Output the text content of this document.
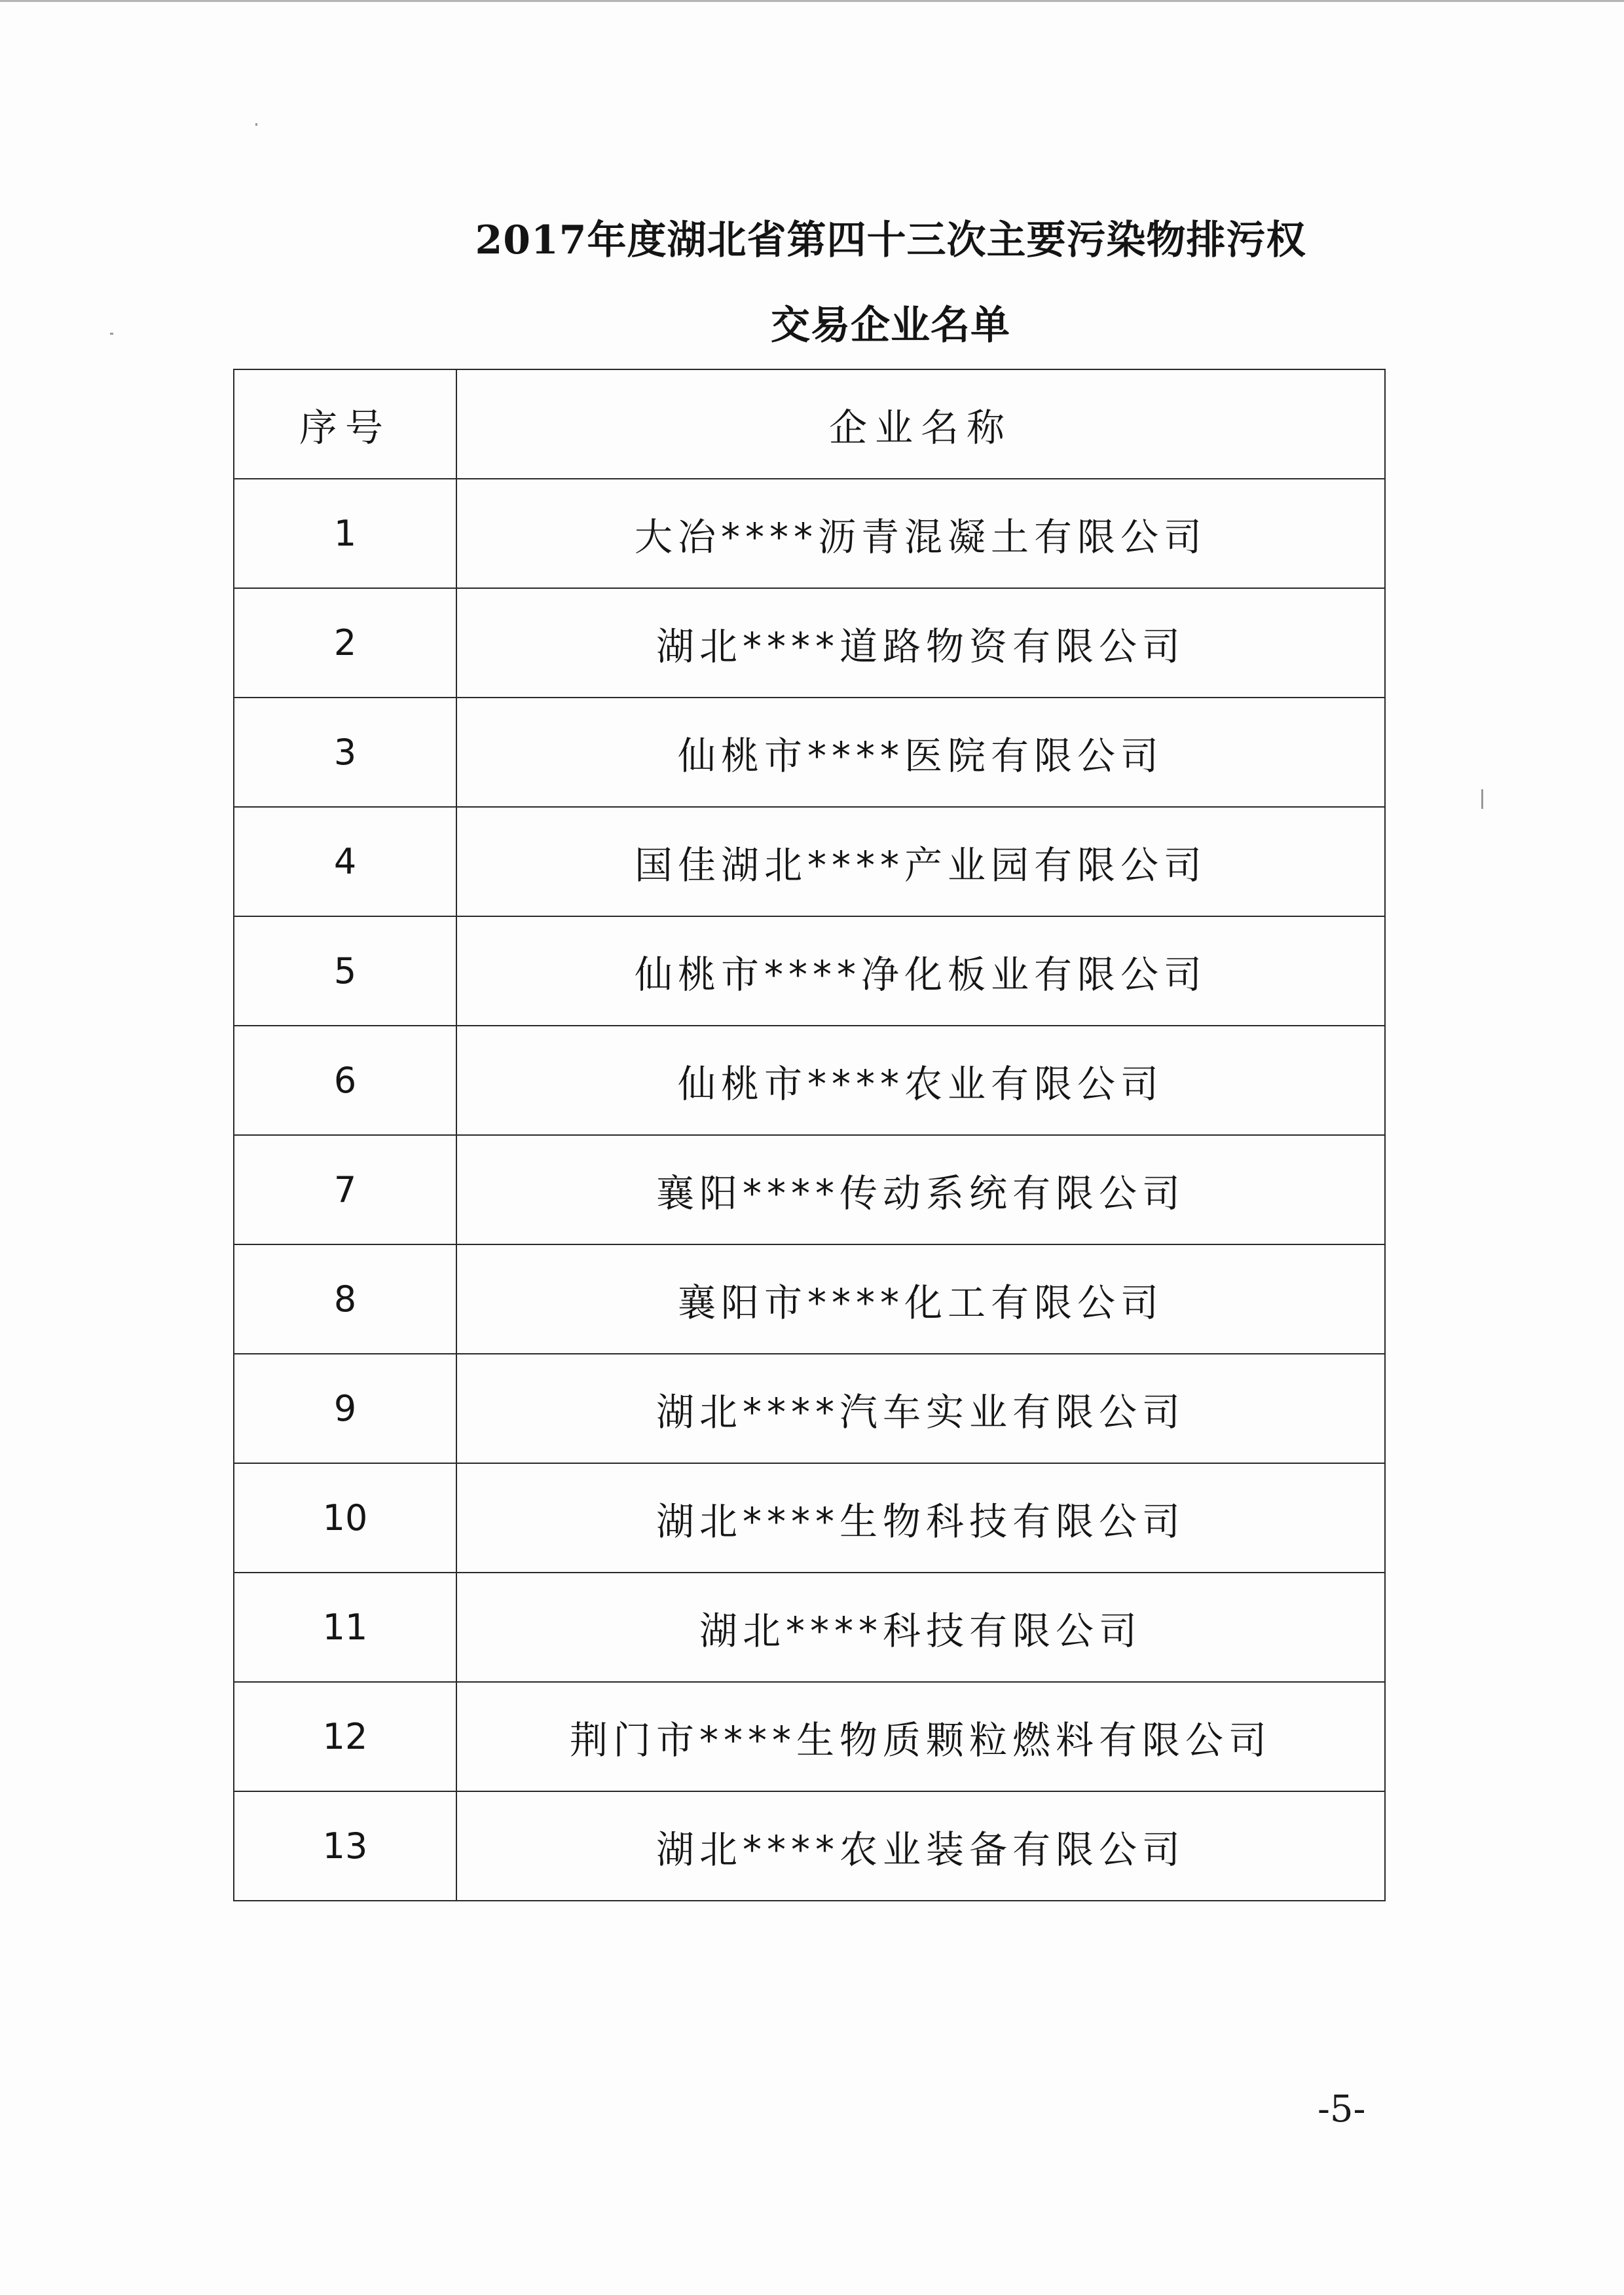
2017年度湖北省第四十三次主要污染物排污权
交易企业名单
序号	企业名称
1	大冶****沥青混凝土有限公司
2	湖北****道路物资有限公司
3	仙桃市****医院有限公司
4	国佳湖北****产业园有限公司
5	仙桃市****净化板业有限公司
6	仙桃市****农业有限公司
7	襄阳****传动系统有限公司
8	襄阳市****化工有限公司
9	湖北****汽车实业有限公司
10	湖北****生物科技有限公司
11	湖北****科技有限公司
12	荆门市****生物质颗粒燃料有限公司
13	湖北****农业装备有限公司
-5-
